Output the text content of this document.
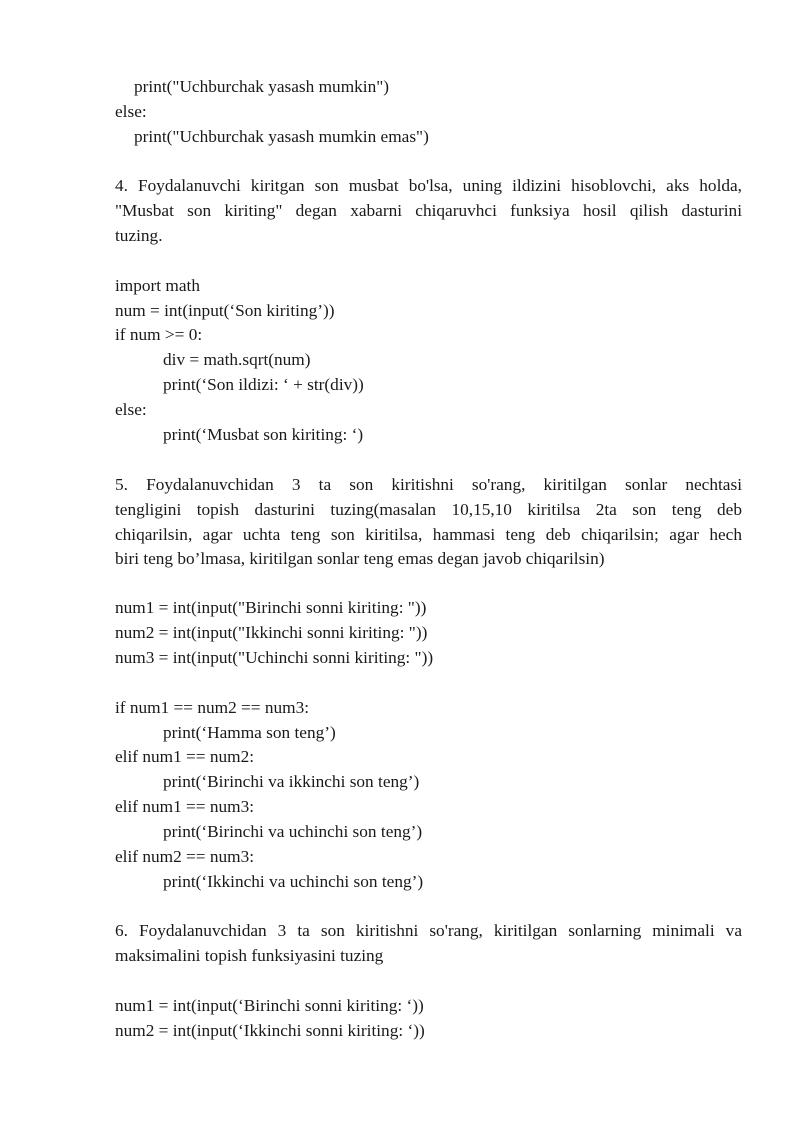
print("Uchburchak yasash mumkin")
else:
print("Uchburchak yasash mumkin emas")
4. Foydalanuvchi kiritgan son musbat bo'lsa, uning ildizini hisoblovchi, aks holda,
"Musbat son kiriting" degan xabarni chiqaruvhci funksiya hosil qilish dasturini
tuzing.
import math
num = int(input(‘Son kiriting’))
if num >= 0:
div = math.sqrt(num)
print(‘Son ildizi: ‘ + str(div))
else:
print(‘Musbat son kiriting: ‘)
5. Foydalanuvchidan 3 ta son kiritishni so'rang, kiritilgan sonlar nechtasi
tengligini topish dasturini tuzing(masalan 10,15,10 kiritilsa 2ta son teng deb
chiqarilsin, agar uchta teng son kiritilsa, hammasi teng deb chiqarilsin; agar hech
biri teng bo’lmasa, kiritilgan sonlar teng emas degan javob chiqarilsin)
num1 = int(input("Birinchi sonni kiriting: "))
num2 = int(input("Ikkinchi sonni kiriting: "))
num3 = int(input("Uchinchi sonni kiriting: "))
if num1 == num2 == num3:
print(‘Hamma son teng’)
elif num1 == num2:
print(‘Birinchi va ikkinchi son teng’)
elif num1 == num3:
print(‘Birinchi va uchinchi son teng’)
elif num2 == num3:
print(‘Ikkinchi va uchinchi son teng’)
6. Foydalanuvchidan 3 ta son kiritishni so'rang, kiritilgan sonlarning minimali va
maksimalini topish funksiyasini tuzing
num1 = int(input(‘Birinchi sonni kiriting: ‘))
num2 = int(input(‘Ikkinchi sonni kiriting: ‘))
